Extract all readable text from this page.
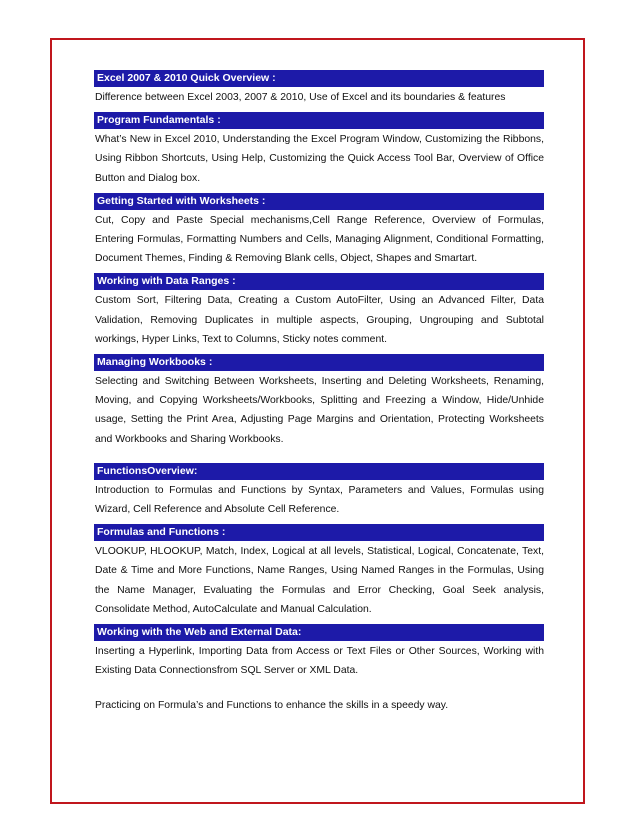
Excel 2007 & 2010 Quick Overview :
Difference between Excel 2003, 2007 & 2010, Use of Excel and its boundaries & features
Program Fundamentals :
What’s New in Excel 2010, Understanding the Excel Program Window, Customizing the Ribbons, Using Ribbon Shortcuts, Using Help, Customizing the Quick Access Tool Bar, Overview of Office Button and Dialog box.
Getting Started with Worksheets :
Cut, Copy and Paste Special mechanisms,Cell Range Reference, Overview of Formulas, Entering Formulas, Formatting Numbers and Cells, Managing Alignment, Conditional Formatting, Document Themes, Finding & Removing Blank cells, Object, Shapes and Smartart.
Working with Data Ranges :
Custom Sort, Filtering Data, Creating a Custom AutoFilter, Using an Advanced Filter, Data Validation, Removing Duplicates in multiple aspects, Grouping, Ungrouping and Subtotal workings, Hyper Links, Text to Columns, Sticky notes comment.
Managing Workbooks :
Selecting and Switching Between Worksheets, Inserting and Deleting Worksheets, Renaming, Moving, and Copying Worksheets/Workbooks, Splitting and Freezing a Window, Hide/Unhide usage, Setting the Print Area, Adjusting Page Margins and Orientation, Protecting Worksheets and Workbooks and Sharing Workbooks.
FunctionsOverview:
Introduction to Formulas and Functions by Syntax, Parameters and Values, Formulas using Wizard, Cell Reference and Absolute Cell Reference.
Formulas and Functions :
VLOOKUP, HLOOKUP, Match, Index, Logical at all levels, Statistical, Logical, Concatenate, Text, Date & Time and More Functions, Name Ranges, Using Named Ranges in the Formulas, Using the Name Manager, Evaluating the Formulas and Error Checking, Goal Seek analysis, Consolidate Method, AutoCalculate and Manual Calculation.
Working with the Web and External Data:
Inserting a Hyperlink, Importing Data from Access or Text Files or Other Sources, Working with Existing Data Connectionsfrom SQL Server or XML Data.
Practicing on Formula’s and Functions to enhance the skills in a speedy way.
